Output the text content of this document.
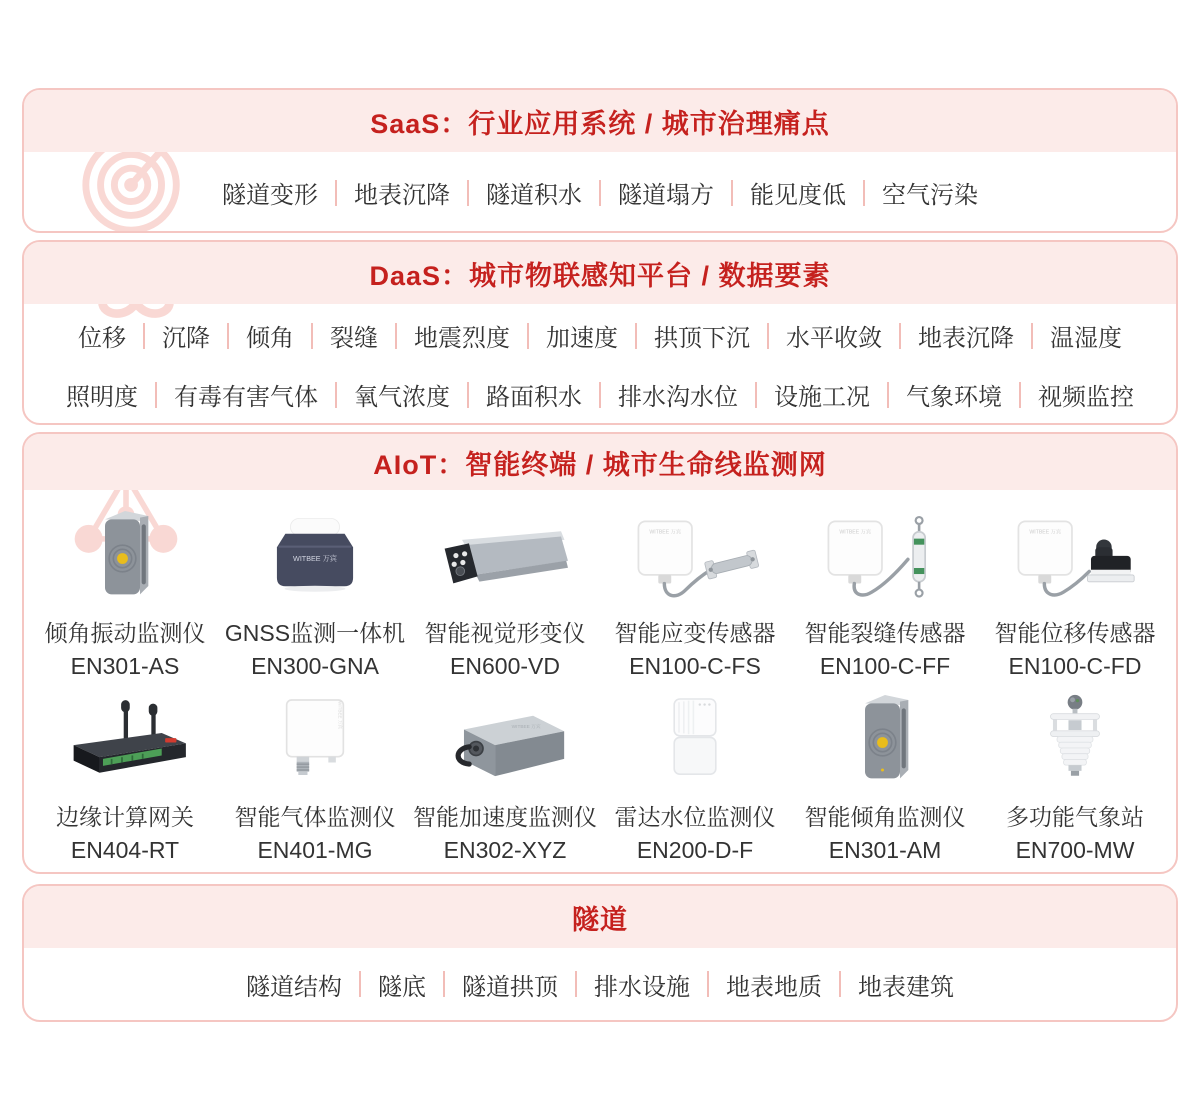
SaaS：行业应用系统 / 城市治理痛点
隧道变形 地表沉降 隧道积水 隧道塌方 能见度低 空气污染
DaaS：城市物联感知平台 / 数据要素
位移 沉降 倾角 裂缝 地震烈度 加速度 拱顶下沉 水平收敛 地表沉降 温湿度
照明度 有毒有害气体 氧气浓度 路面积水 排水沟水位 设施工况 气象环境 视频监控
AIoT：智能终端 / 城市生命线监测网
倾角振动监测仪
EN301-AS
WITBEE 万宾
GNSS监测一体机
EN300-GNA
智能视觉形变仪
EN600-VD
WITBEE 万宾
智能应变传感器
EN100-C-FS
WITBEE 万宾
智能裂缝传感器
EN100-C-FF
WITBEE 万宾
智能位移传感器
EN100-C-FD
边缘计算网关
EN404-RT
WITBEE 万宾
智能气体监测仪
EN401-MG
WITBEE 万宾
智能加速度监测仪
EN302-XYZ
雷达水位监测仪
EN200-D-F
智能倾角监测仪
EN301-AM
多功能气象站
EN700-MW
隧道
隧道结构 隧底 隧道拱顶 排水设施 地表地质 地表建筑
